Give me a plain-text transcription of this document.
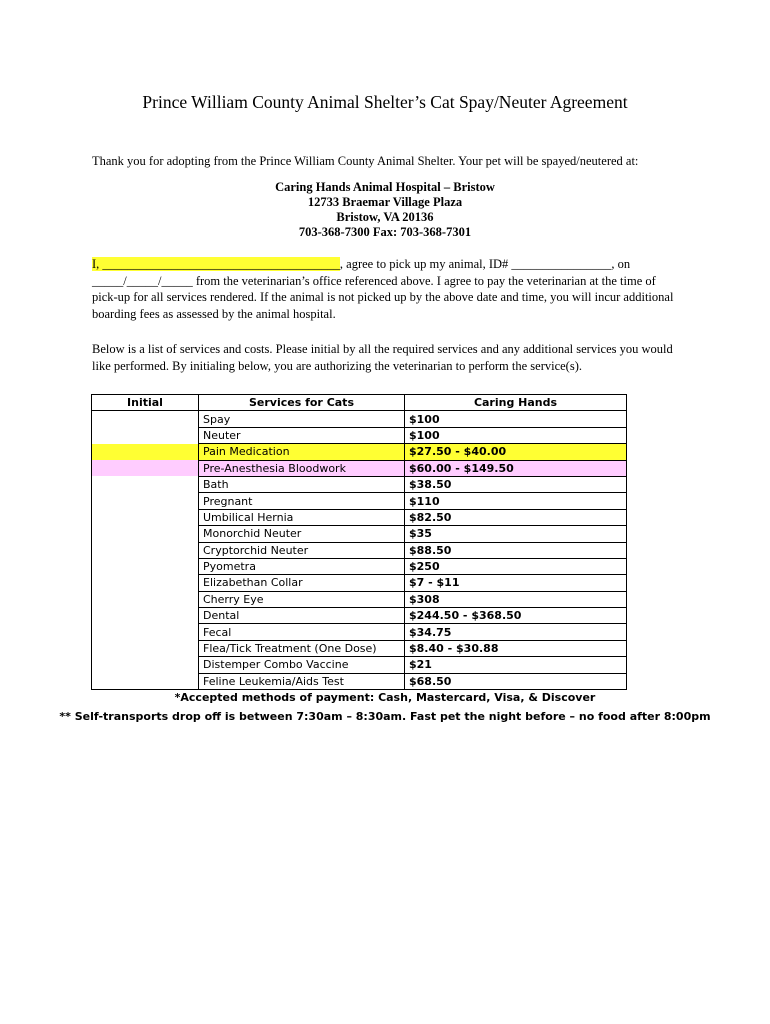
Prince William County Animal Shelter’s Cat Spay/Neuter Agreement
Thank you for adopting from the Prince William County Animal Shelter. Your pet will be spayed/neutered at:
Caring Hands Animal Hospital – Bristow
12733 Braemar Village Plaza
Bristow, VA 20136
703-368-7300 Fax: 703-368-7301
I, ______________________________________, agree to pick up my animal, ID# ________________, on
_____/_____/_____ from the veterinarian’s office referenced above. I agree to pay the veterinarian at the time of
pick-up for all services rendered. If the animal is not picked up by the above date and time, you will incur additional
boarding fees as assessed by the animal hospital.
Below is a list of services and costs. Please initial by all the required services and any additional services you would
like performed. By initialing below, you are authorizing the veterinarian to perform the service(s).
Initial	Services for Cats	Caring Hands
	Spay	$100
	Neuter	$100
	Pain Medication	$27.50 - $40.00
	Pre-Anesthesia Bloodwork	$60.00 - $149.50
	Bath	$38.50
	Pregnant	$110
	Umbilical Hernia	$82.50
	Monorchid Neuter	$35
	Cryptorchid Neuter	$88.50
	Pyometra	$250
	Elizabethan Collar	$7 - $11
	Cherry Eye	$308
	Dental	$244.50 - $368.50
	Fecal	$34.75
	Flea/Tick Treatment (One Dose)	$8.40 - $30.88
	Distemper Combo Vaccine	$21
	Feline Leukemia/Aids Test	$68.50
*Accepted methods of payment: Cash, Mastercard, Visa, & Discover
** Self-transports drop off is between 7:30am – 8:30am. Fast pet the night before – no food after 8:00pm
